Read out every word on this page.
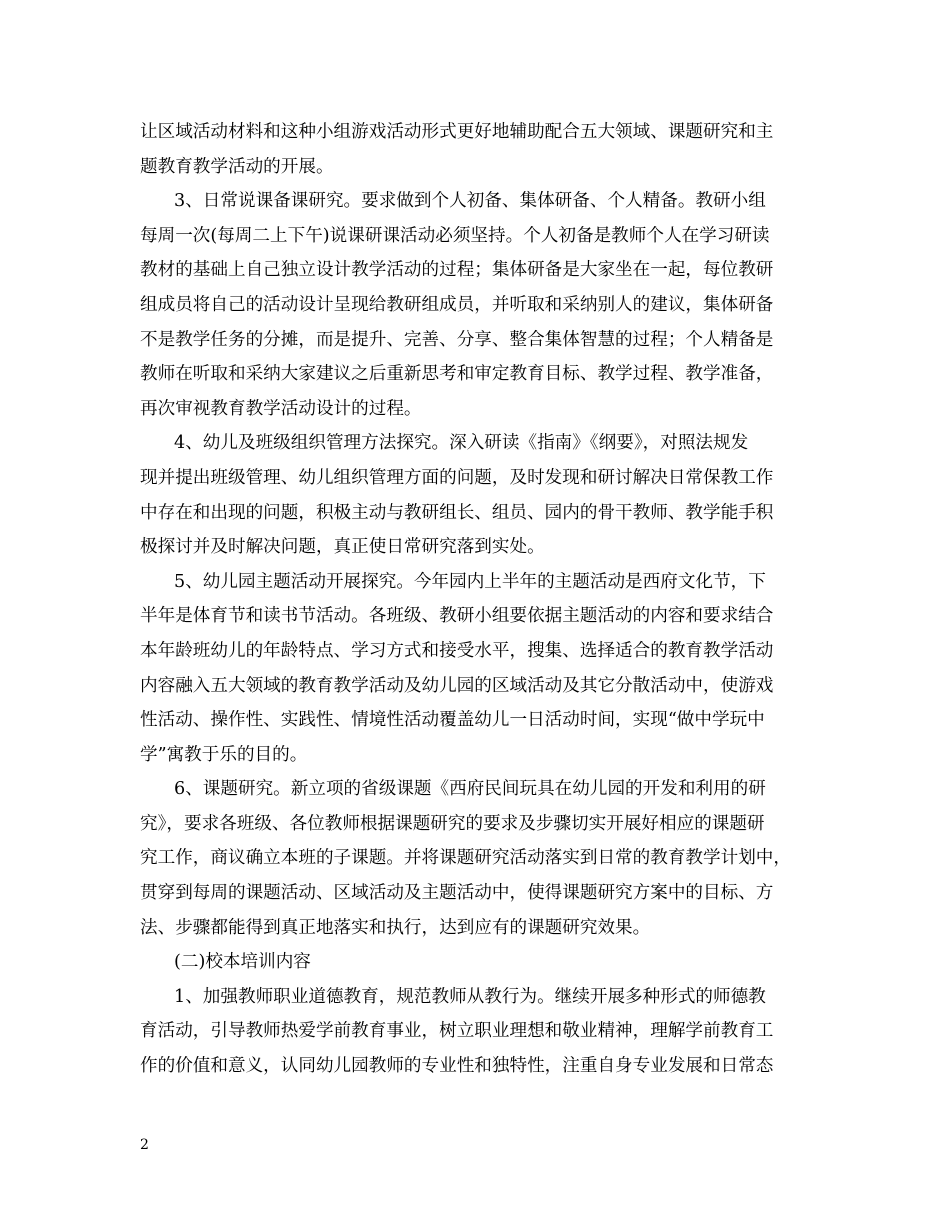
让区域活动材料和这种小组游戏活动形式更好地辅助配合五大领域、课题研究和主
题教育教学活动的开展。
3、日常说课备课研究。要求做到个人初备、集体研备、个人精备。教研小组
每周一次(每周二上下午)说课研课活动必须坚持。个人初备是教师个人在学习研读
教材的基础上自己独立设计教学活动的过程；集体研备是大家坐在一起，每位教研
组成员将自己的活动设计呈现给教研组成员，并听取和采纳别人的建议，集体研备
不是教学任务的分摊，而是提升、完善、分享、整合集体智慧的过程；个人精备是
教师在听取和采纳大家建议之后重新思考和审定教育目标、教学过程、教学准备，
再次审视教育教学活动设计的过程。
4、幼儿及班级组织管理方法探究。深入研读《指南》《纲要》，对照法规发
现并提出班级管理、幼儿组织管理方面的问题，及时发现和研讨解决日常保教工作
中存在和出现的问题，积极主动与教研组长、组员、园内的骨干教师、教学能手积
极探讨并及时解决问题，真正使日常研究落到实处。
5、幼儿园主题活动开展探究。今年园内上半年的主题活动是西府文化节，下
半年是体育节和读书节活动。各班级、教研小组要依据主题活动的内容和要求结合
本年龄班幼儿的年龄特点、学习方式和接受水平，搜集、选择适合的教育教学活动
内容融入五大领域的教育教学活动及幼儿园的区域活动及其它分散活动中，使游戏
性活动、操作性、实践性、情境性活动覆盖幼儿一日活动时间，实现“做中学玩中
学”寓教于乐的目的。
6、课题研究。新立项的省级课题《西府民间玩具在幼儿园的开发和利用的研
究》，要求各班级、各位教师根据课题研究的要求及步骤切实开展好相应的课题研
究工作，商议确立本班的子课题。并将课题研究活动落实到日常的教育教学计划中，
贯穿到每周的课题活动、区域活动及主题活动中，使得课题研究方案中的目标、方
法、步骤都能得到真正地落实和执行，达到应有的课题研究效果。
(二)校本培训内容
1、加强教师职业道德教育，规范教师从教行为。继续开展多种形式的师德教
育活动，引导教师热爱学前教育事业，树立职业理想和敬业精神，理解学前教育工
作的价值和意义，认同幼儿园教师的专业性和独特性，注重自身专业发展和日常态
2
